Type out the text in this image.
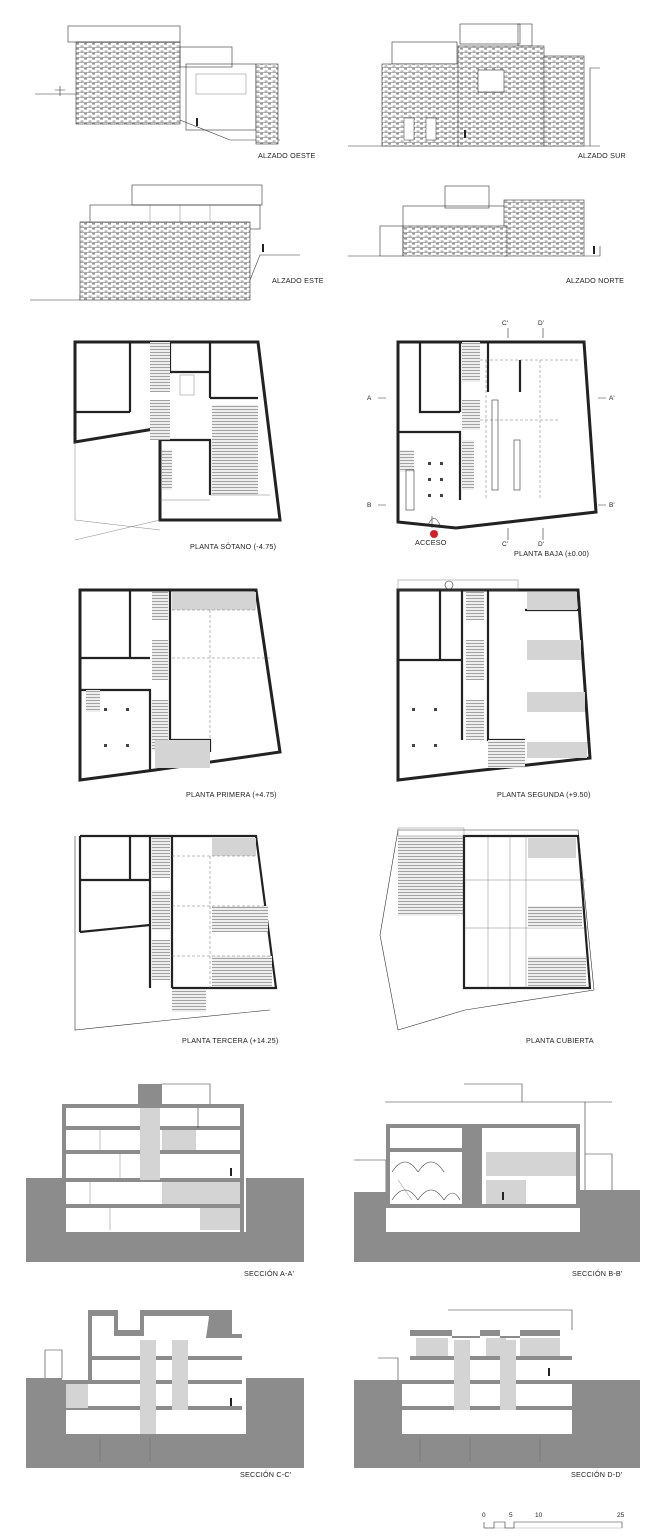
ALZADO OESTE	ALZADO SUR
ALZADO ESTE	ALZADO NORTE
PLANTA SÓTANO (-4.75)
A	A'
B	B'
C'	D'
C'	D'
ACCESO
PLANTA BAJA (±0.00)
PLANTA PRIMERA (+4.75)	PLANTA SEGUNDA (+9.50)
PLANTA TERCERA (+14.25)	PLANTA CUBIERTA
SECCIÓN A-A'	SECCIÓN B-B'
SECCIÓN C-C'	SECCIÓN D-D'
0	5	10	25
